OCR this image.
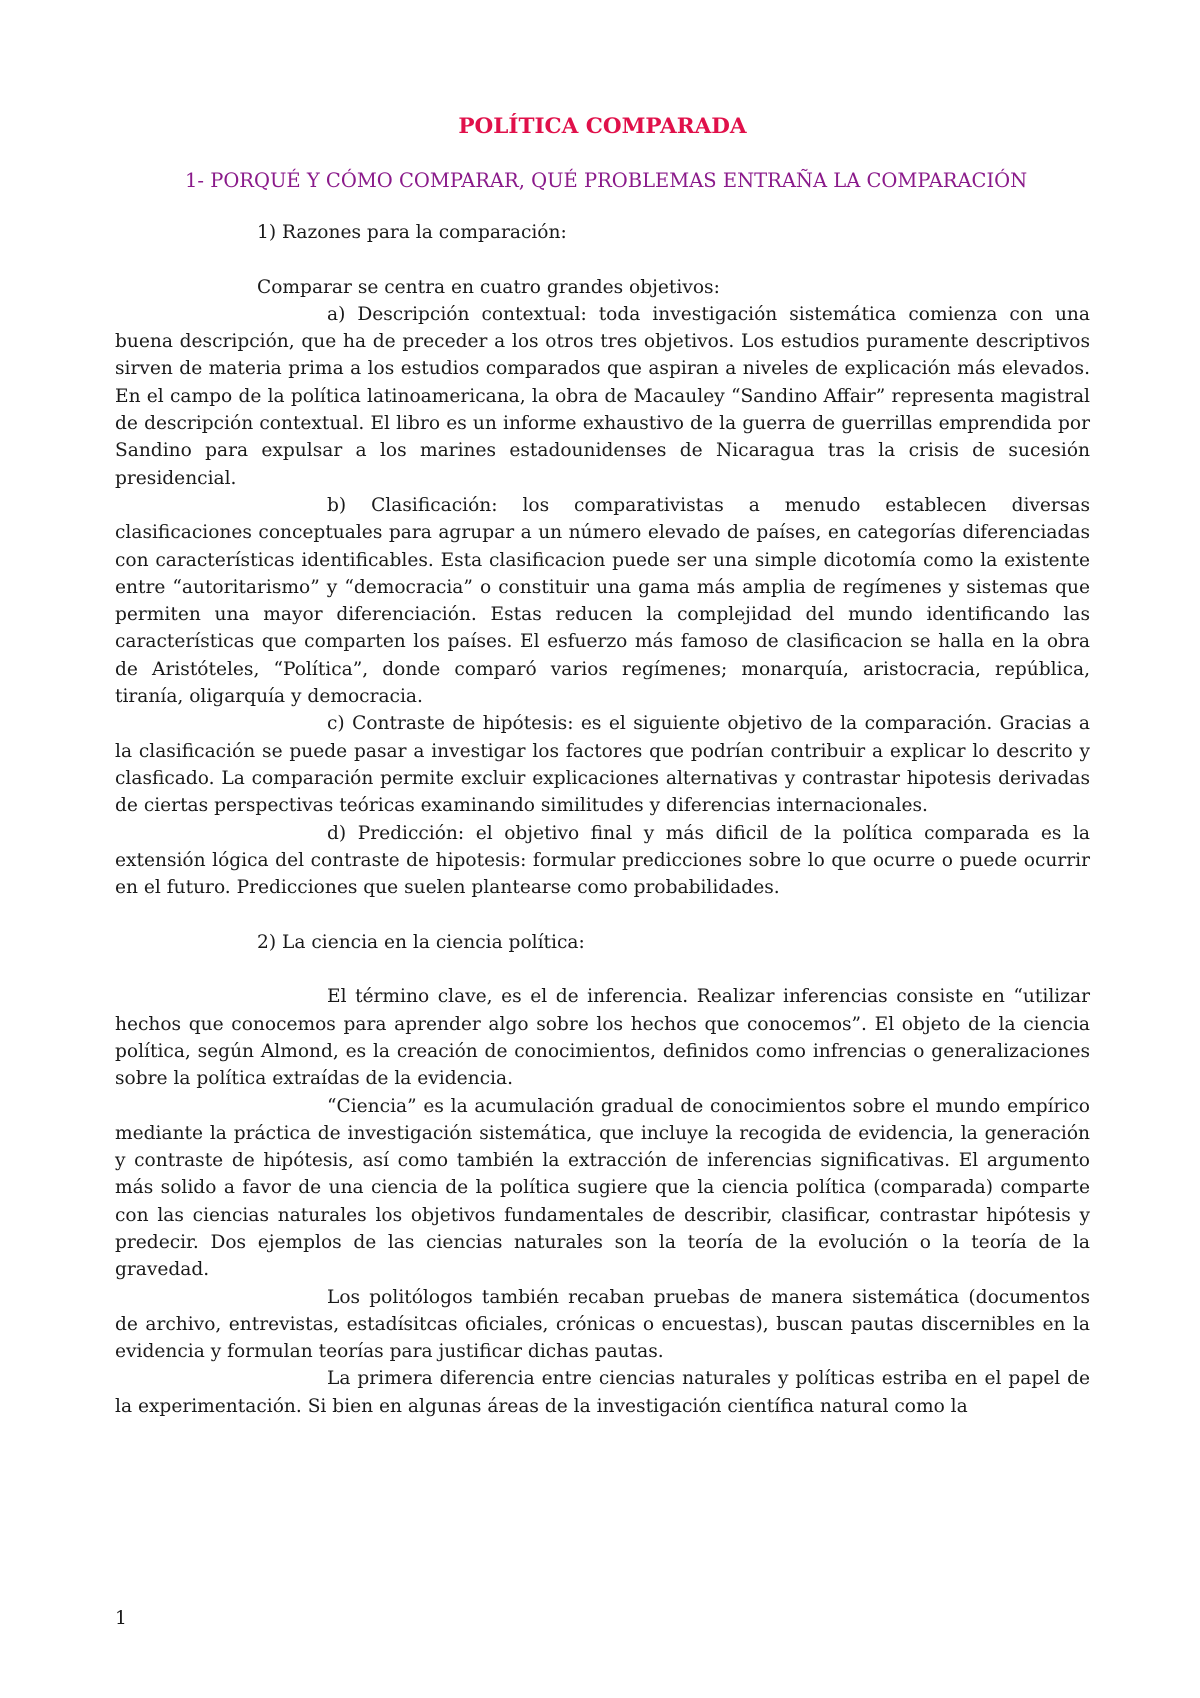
POLÍTICA COMPARADA
1- PORQUÉ Y CÓMO COMPARAR, QUÉ PROBLEMAS ENTRAÑA LA COMPARACIÓN
1) Razones para la comparación:
Comparar se centra en cuatro grandes objetivos:

a) Descripción contextual: toda investigación sistemática comienza con una buena descripción, que ha de preceder a los otros tres objetivos. Los estudios puramente descriptivos sirven de materia prima a los estudios comparados que aspiran a niveles de explicación más elevados. En el campo de la política latinoamericana, la obra de Macauley “Sandino Affair” representa magistral de descripción contextual. El libro es un informe exhaustivo de la guerra de guerrillas emprendida por Sandino para expulsar a los marines estadounidenses de Nicaragua tras la crisis de sucesión presidencial.

b) Clasificación: los comparativistas a menudo establecen diversas clasificaciones conceptuales para agrupar a un número elevado de países, en categorías diferenciadas con características identificables. Esta clasificacion puede ser una simple dicotomía como la existente entre “autoritarismo” y “democracia” o constituir una gama más amplia de regímenes y sistemas que permiten una mayor diferenciación. Estas reducen la complejidad del mundo identificando las características que comparten los países. El esfuerzo más famoso de clasificacion se halla en la obra de Aristóteles, “Política”, donde comparó varios regímenes; monarquía, aristocracia, república, tiranía, oligarquía y democracia.

c) Contraste de hipótesis: es el siguiente objetivo de la comparación. Gracias a la clasificación se puede pasar a investigar los factores que podrían contribuir a explicar lo descrito y clasficado. La comparación permite excluir explicaciones alternativas y contrastar hipotesis derivadas de ciertas perspectivas teóricas examinando similitudes y diferencias internacionales.

d) Predicción: el objetivo final y más dificil de la política comparada es la extensión lógica del contraste de hipotesis: formular predicciones sobre lo que ocurre o puede ocurrir en el futuro. Predicciones que suelen plantearse como probabilidades.

2) La ciencia en la ciencia política:

El término clave, es el de inferencia. Realizar inferencias consiste en “utilizar hechos que conocemos para aprender algo sobre los hechos que conocemos”. El objeto de la ciencia política, según Almond, es la creación de conocimientos, definidos como infrencias o generalizaciones sobre la política extraídas de la evidencia.

“Ciencia” es la acumulación gradual de conocimientos sobre el mundo empírico mediante la práctica de investigación sistemática, que incluye la recogida de evidencia, la generación y contraste de hipótesis, así como también la extracción de inferencias significativas. El argumento más solido a favor de una ciencia de la política sugiere que la ciencia política (comparada) comparte con las ciencias naturales los objetivos fundamentales de describir, clasificar, contrastar hipótesis y predecir. Dos ejemplos de las ciencias naturales son la teoría de la evolución o la teoría de la gravedad.

Los politólogos también recaban pruebas de manera sistemática (documentos de archivo, entrevistas, estadísitcas oficiales, crónicas o encuestas), buscan pautas discernibles en la evidencia y formulan teorías para justificar dichas pautas.

La primera diferencia entre ciencias naturales y políticas estriba en el papel de la experimentación. Si bien en algunas áreas de la investigación científica natural como la

1
